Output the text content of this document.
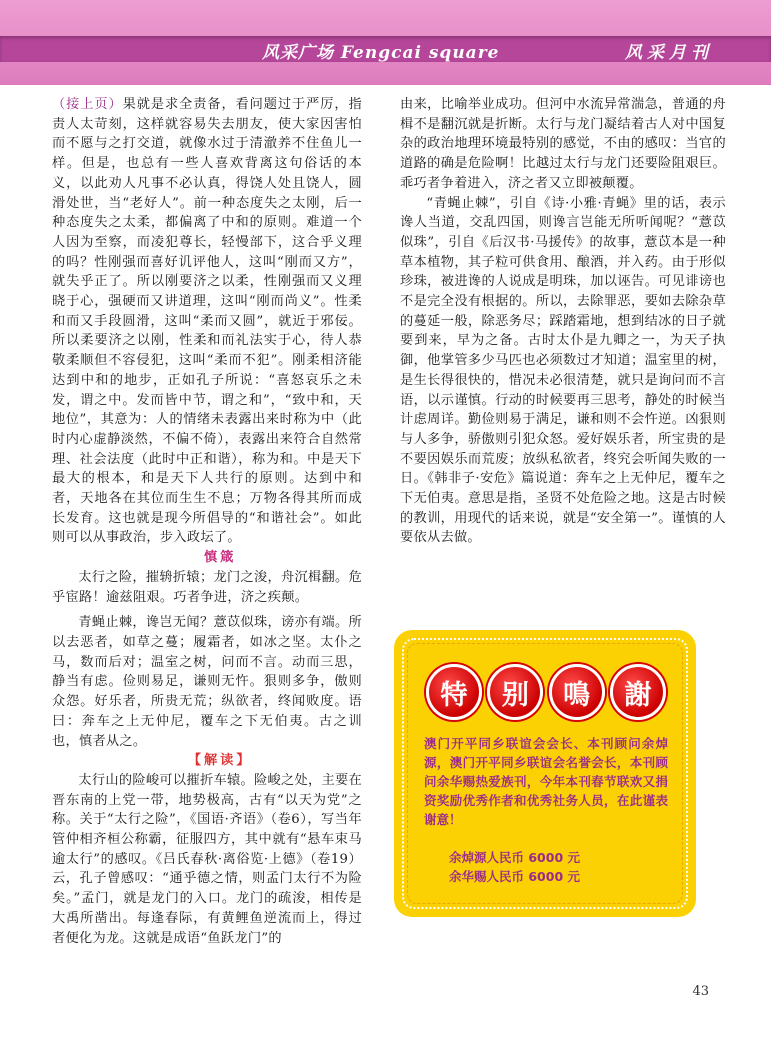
风采广场 Fengcai square	风采月刊

（接上页）果就是求全责备，看问题过于严厉，指责人太苛刻，这样就容易失去朋友，使大家因害怕而不愿与之打交道，就像水过于清澈养不住鱼儿一样。但是，也总有一些人喜欢背离这句俗话的本义，以此劝人凡事不必认真，得饶人处且饶人，圆滑处世，当“老好人”。前一种态度失之太刚，后一种态度失之太柔，都偏离了中和的原则。难道一个人因为至察，而凌犯尊长，轻慢部下，这合乎义理的吗？性刚强而喜好讥评他人，这叫“刚而又方”，就失乎正了。所以刚要济之以柔，性刚强而又义理晓于心，强硬而又讲道理，这叫“刚而尚义”。性柔和而又手段圆滑，这叫“柔而又圆”，就近于邪佞。所以柔要济之以刚，性柔和而礼法实于心，待人恭敬柔顺但不容侵犯，这叫“柔而不犯”。刚柔相济能达到中和的地步，正如孔子所说：“喜怒哀乐之未发，谓之中。发而皆中节，谓之和”，“致中和，天地位”，其意为：人的情绪未表露出来时称为中（此时内心虚静淡然，不偏不倚），表露出来符合自然常理、社会法度（此时中正和谐），称为和。中是天下最大的根本，和是天下人共行的原则。达到中和者，天地各在其位而生生不息；万物各得其所而成长发育。这也就是现今所倡导的“和谐社会”。如此则可以从事政治，步入政坛了。

慎箴

太行之险，摧辀折辕；龙门之浚，舟沉楫翻。危乎宦路！逾兹阻艰。巧者争进，济之疾颠。

青蝇止棘，谗岂无闻？薏苡似珠，谤亦有端。所以去恶者，如草之蔓；履霜者，如冰之坚。太仆之马，数而后对；温室之树，问而不言。动而三思，静当有虑。俭则易足，谦则无忤。狠则多争，傲则众怨。好乐者，所贵无荒；纵欲者，终闻败度。语曰：奔车之上无仲尼，覆车之下无伯夷。古之训也，慎者从之。

【解读】

太行山的险峻可以摧折车辕。险峻之处，主要在晋东南的上党一带，地势极高，古有“以天为党”之称。关于“太行之险”，《国语·齐语》（卷6），写当年管仲相齐桓公称霸，征服四方，其中就有“悬车束马逾太行”的感叹。《吕氏春秋·离俗览·上德》（卷19）云，孔子曾感叹：“通乎德之情，则孟门太行不为险矣。”孟门，就是龙门的入口。龙门的疏浚，相传是大禹所凿出。每逢春际，有黄鲤鱼逆流而上，得过者便化为龙。这就是成语“鱼跃龙门”的

由来，比喻举业成功。但河中水流异常湍急，普通的舟楫不是翻沉就是折断。太行与龙门凝结着古人对中国复杂的政治地理环境最特别的感觉，不由的感叹：当官的道路的确是危险啊！比越过太行与龙门还要险阻艰巨。乖巧者争着进入，济之者又立即被颠覆。

“青蝇止棘”，引自《诗·小雅·青蝇》里的话，表示谗人当道，交乱四国，则谗言岂能无所听闻呢？“薏苡似珠”，引自《后汉书·马援传》的故事，薏苡本是一种草本植物，其子粒可供食用、酿酒，并入药。由于形似珍珠，被进谗的人说成是明珠，加以诬告。可见诽谤也不是完全没有根据的。所以，去除罪恶，要如去除杂草的蔓延一般，除恶务尽；踩踏霜地，想到结冰的日子就要到来，早为之备。古时太仆是九卿之一，为天子执御，他掌管多少马匹也必须数过才知道；温室里的树，是生长得很快的，惜况未必很清楚，就只是询问而不言语，以示谨慎。行动的时候要再三思考，静处的时候当计虑周详。勤俭则易于满足，谦和则不会忤逆。凶狠则与人多争，骄傲则引犯众怒。爱好娱乐者，所宝贵的是不要因娱乐而荒废；放纵私欲者，终究会听闻失败的一日。《韩非子·安危》篇说道：奔车之上无仲尼，覆车之下无伯夷。意思是指，圣贤不处危险之地。这是古时候的教训，用现代的话来说，就是“安全第一”。谨慎的人要依从去做。

特	别	鳴	謝
澳门开平同乡联谊会会长、本刊顾问余焯源，澳门开平同乡联谊会名誉会长，本刊顾问余华赐热爱族刊，今年本刊春节联欢又捐资奖励优秀作者和优秀社务人员，在此谨表谢意！
余焯源人民币 6000 元
余华赐人民币 6000 元
43
